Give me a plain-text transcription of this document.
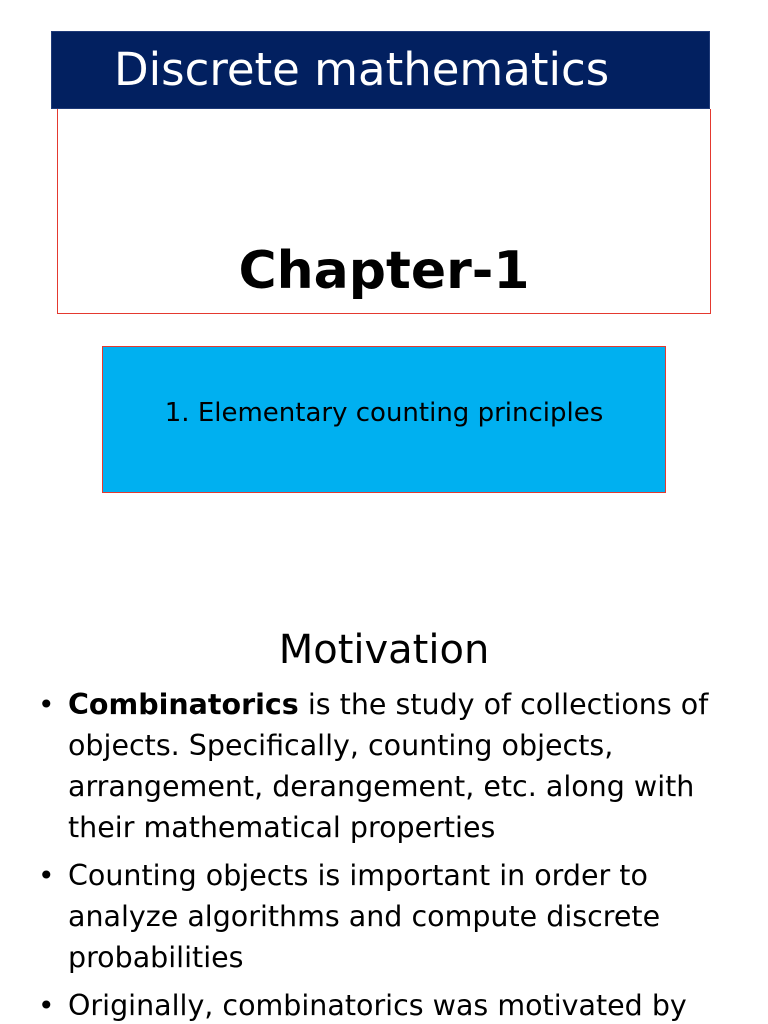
Discrete mathematics
Chapter-1
1. Elementary counting principles
Motivation
• Combinatorics is the study of collections of objects. Specifically, counting objects, arrangement, derangement, etc. along with their mathematical properties
• Counting objects is important in order to analyze algorithms and compute discrete probabilities
• Originally, combinatorics was motivated by
